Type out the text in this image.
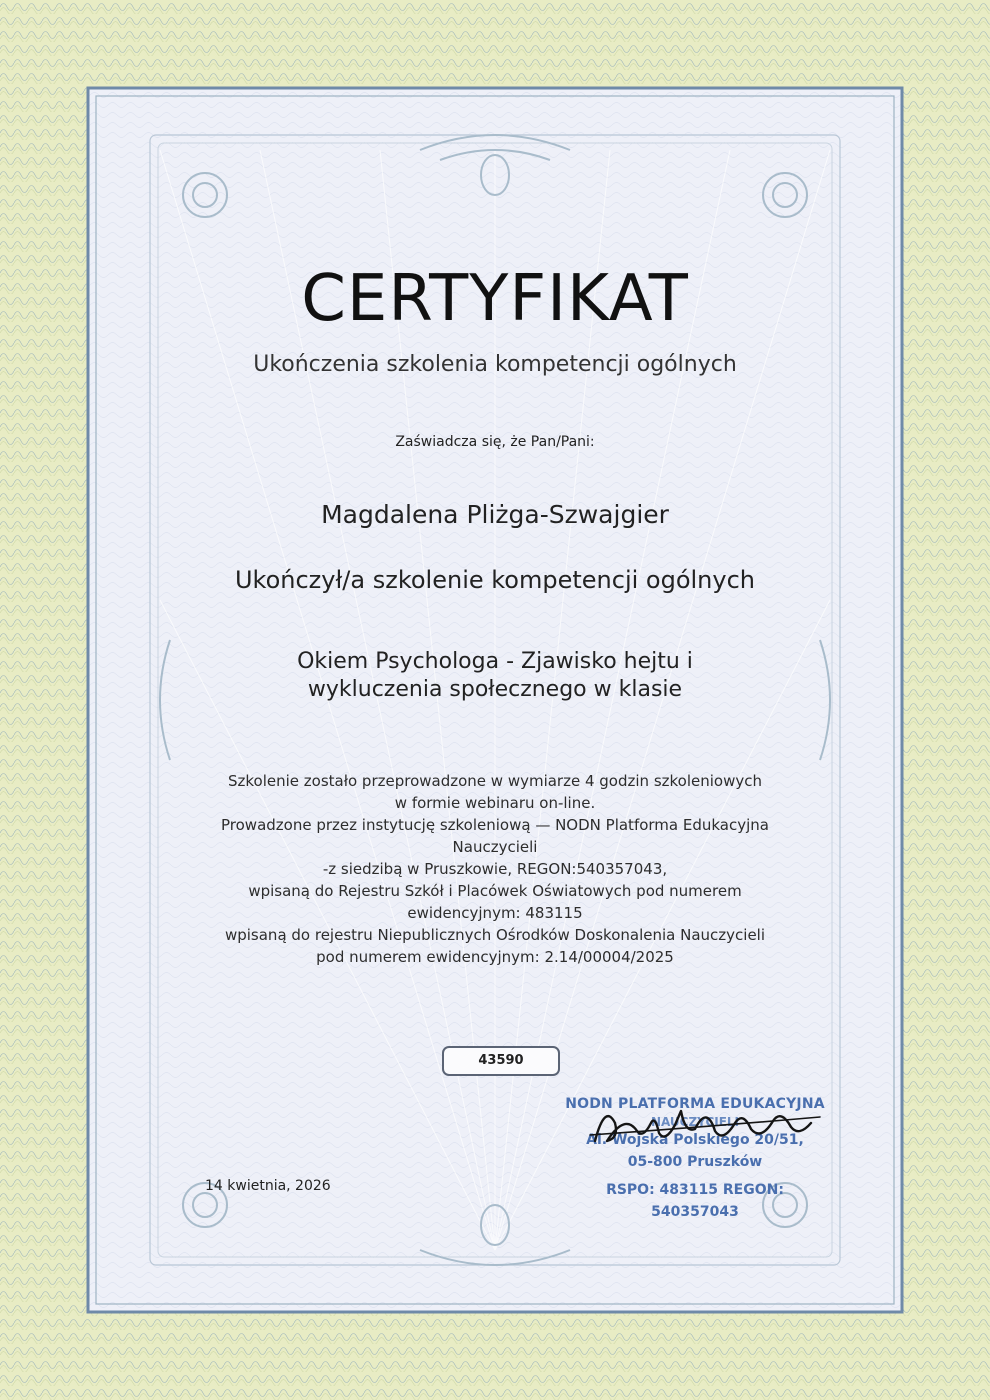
CERTYFIKAT
Ukończenia szkolenia kompetencji ogólnych
Zaświadcza się, że Pan/Pani:
Magdalena Pliżga-Szwajgier
Ukończył/a szkolenie kompetencji ogólnych
Okiem Psychologa - Zjawisko hejtu i
wykluczenia społecznego w klasie
Szkolenie zostało przeprowadzone w wymiarze 4 godzin szkoleniowych
w formie webinaru on-line.
Prowadzone przez instytucję szkoleniową — NODN Platforma Edukacyjna
Nauczycieli
-z siedzibą w Pruszkowie, REGON:540357043,
wpisaną do Rejestru Szkół i Placówek Oświatowych pod numerem
ewidencyjnym: 483115
wpisaną do rejestru Niepublicznych Ośrodków Doskonalenia Nauczycieli
pod numerem ewidencyjnym: 2.14/00004/2025
43590
14 kwietnia, 2026
NODN PLATFORMA EDUKACYJNA
NAUCZYCIELI
Al. Wojska Polskiego 20/51,
05-800 Pruszków
RSPO: 483115 REGON: 540357043
